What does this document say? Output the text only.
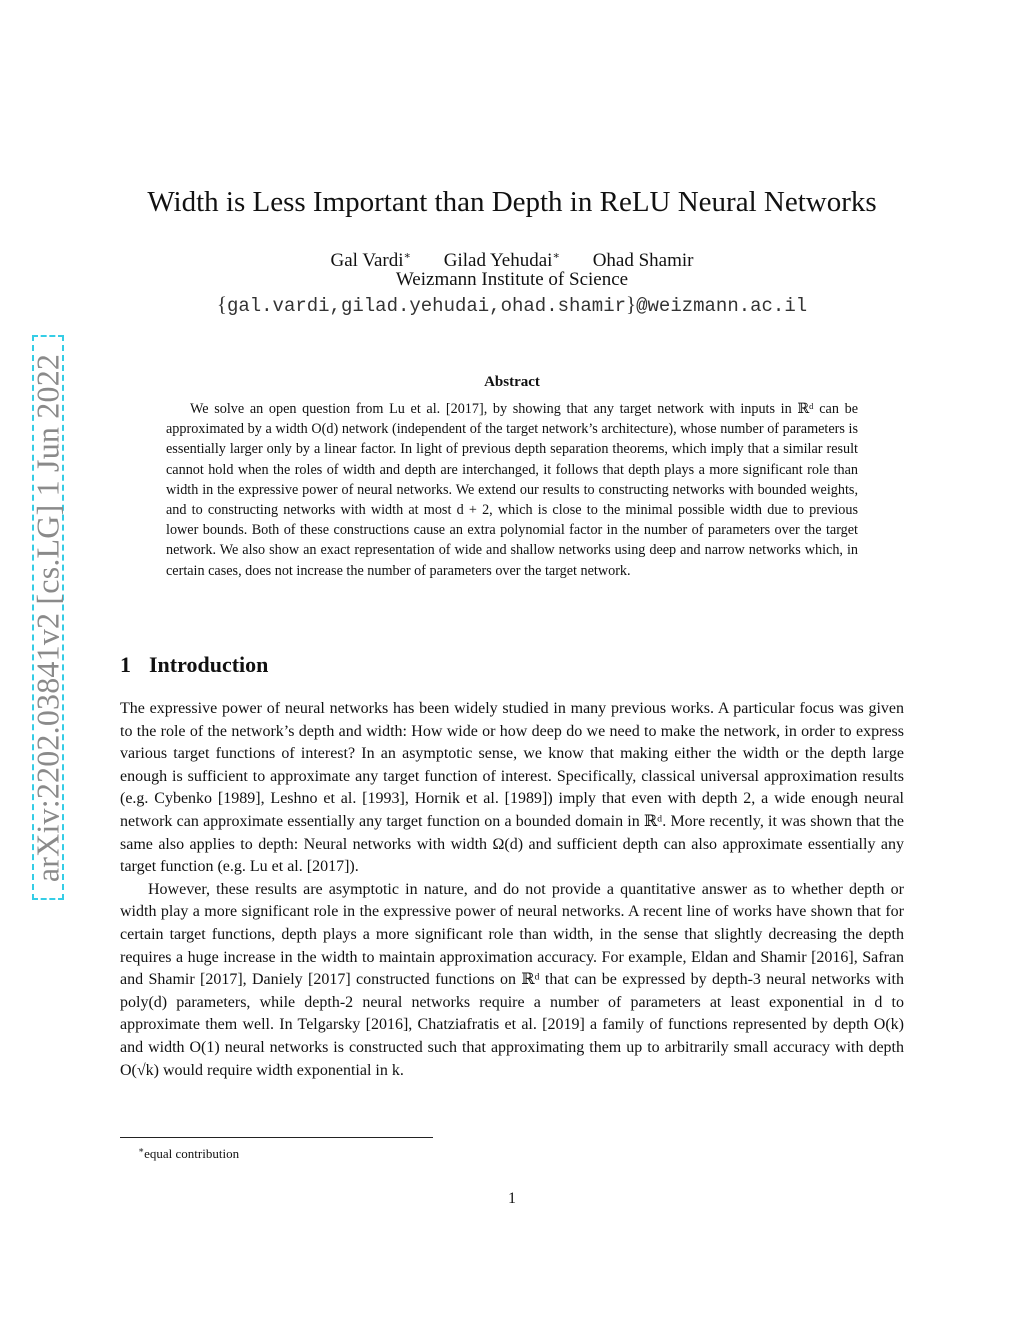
arXiv:2202.03841v2 [cs.LG] 1 Jun 2022
Width is Less Important than Depth in ReLU Neural Networks
Gal Vardi∗ Gilad Yehudai∗ Ohad Shamir
Weizmann Institute of Science
{gal.vardi,gilad.yehudai,ohad.shamir}@weizmann.ac.il
Abstract

We solve an open question from Lu et al. [2017], by showing that any target network with inputs in ℝᵈ can be approximated by a width O(d) network (independent of the target network’s architecture), whose number of parameters is essentially larger only by a linear factor. In light of previous depth separation theorems, which imply that a similar result cannot hold when the roles of width and depth are interchanged, it follows that depth plays a more significant role than width in the expressive power of neural networks. We extend our results to constructing networks with bounded weights, and to constructing networks with width at most d + 2, which is close to the minimal possible width due to previous lower bounds. Both of these constructions cause an extra polynomial factor in the number of parameters over the target network. We also show an exact representation of wide and shallow networks using deep and narrow networks which, in certain cases, does not increase the number of parameters over the target network.

1 Introduction

The expressive power of neural networks has been widely studied in many previous works. A particular focus was given to the role of the network’s depth and width: How wide or how deep do we need to make the network, in order to express various target functions of interest? In an asymptotic sense, we know that making either the width or the depth large enough is sufficient to approximate any target function of interest. Specifically, classical universal approximation results (e.g. Cybenko [1989], Leshno et al. [1993], Hornik et al. [1989]) imply that even with depth 2, a wide enough neural network can approximate essentially any target function on a bounded domain in ℝᵈ. More recently, it was shown that the same also applies to depth: Neural networks with width Ω(d) and sufficient depth can also approximate essentially any target function (e.g. Lu et al. [2017]).

However, these results are asymptotic in nature, and do not provide a quantitative answer as to whether depth or width play a more significant role in the expressive power of neural networks. A recent line of works have shown that for certain target functions, depth plays a more significant role than width, in the sense that slightly decreasing the depth requires a huge increase in the width to maintain approximation accuracy. For example, Eldan and Shamir [2016], Safran and Shamir [2017], Daniely [2017] constructed functions on ℝᵈ that can be expressed by depth-3 neural networks with poly(d) parameters, while depth-2 neural networks require a number of parameters at least exponential in d to approximate them well. In Telgarsky [2016], Chatziafratis et al. [2019] a family of functions represented by depth O(k) and width O(1) neural networks is constructed such that approximating them up to arbitrarily small accuracy with depth O(√k) would require width exponential in k.

∗equal contribution
1
